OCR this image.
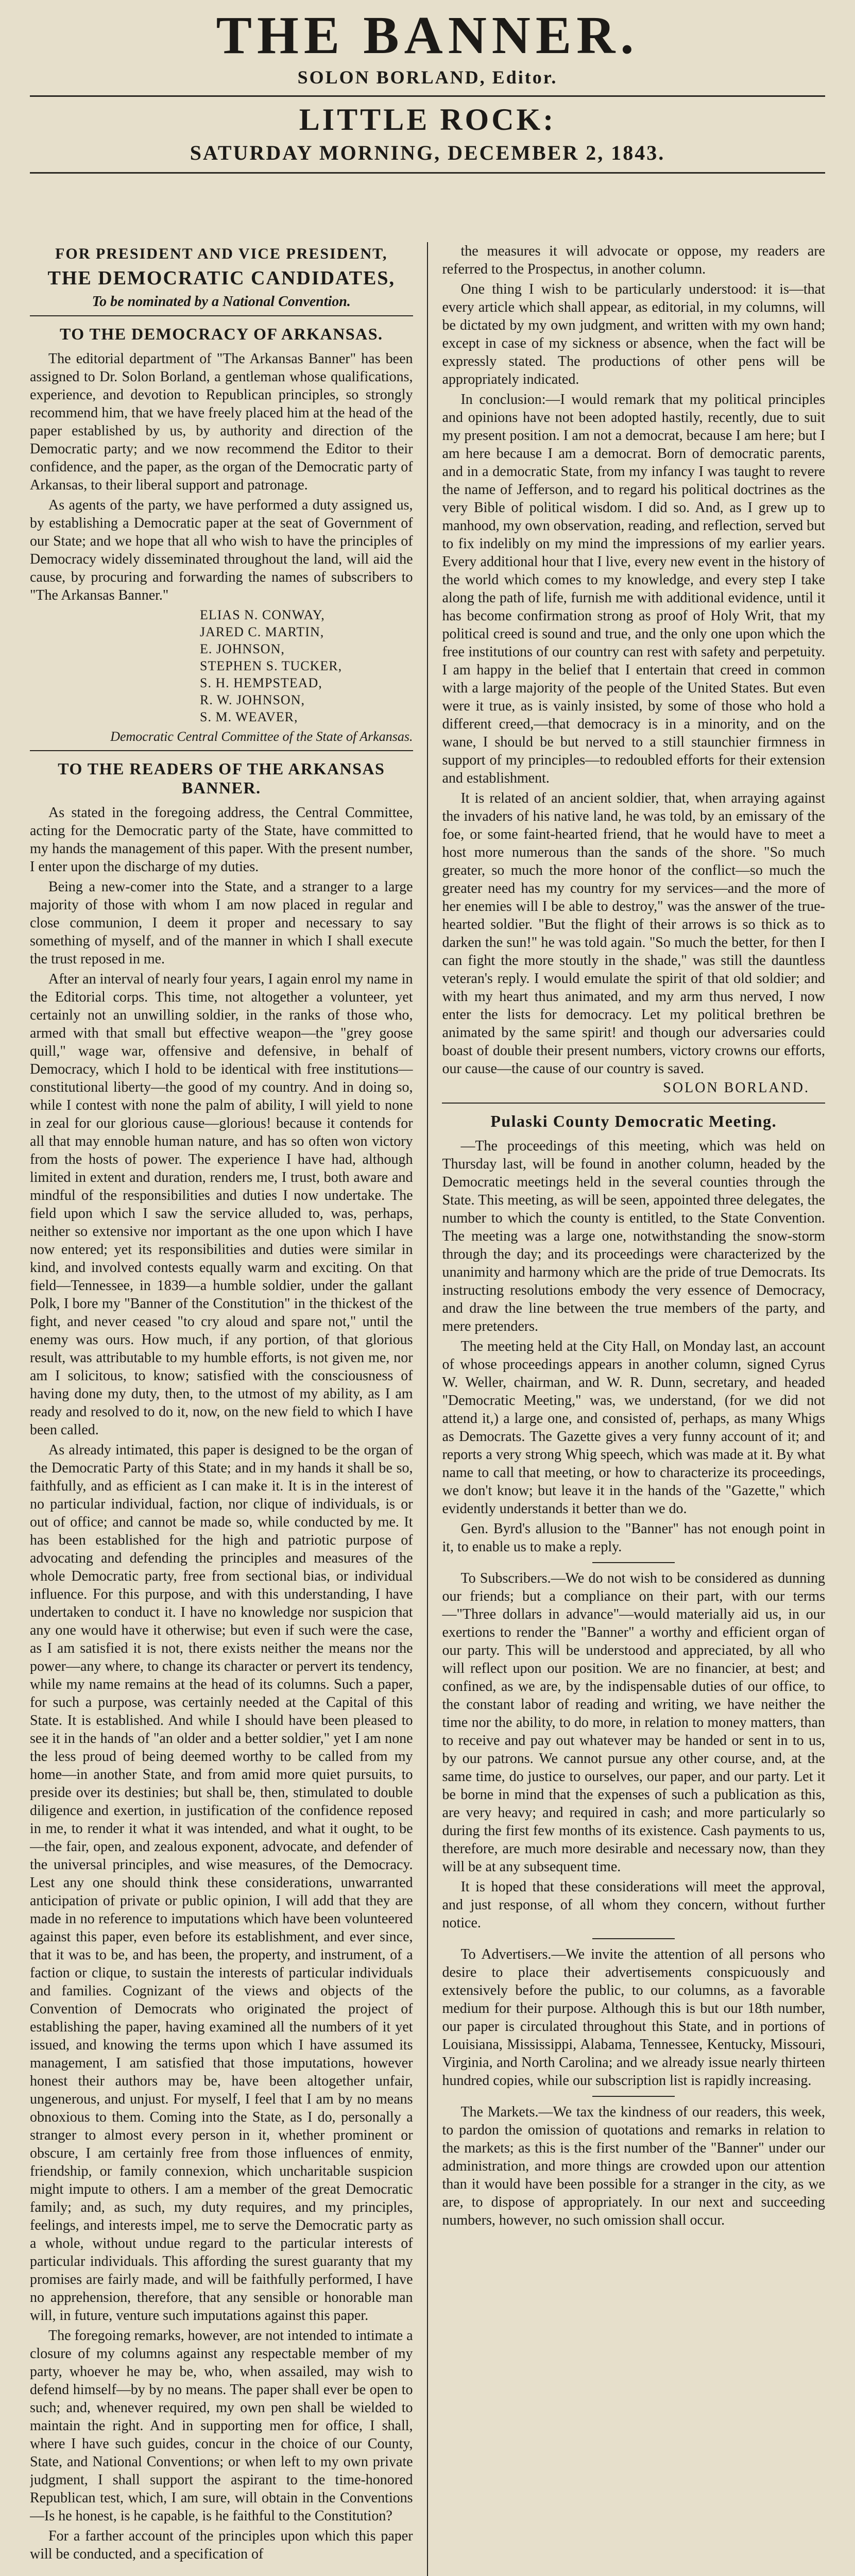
THE BANNER.
SOLON BORLAND, Editor.
LITTLE ROCK:
SATURDAY MORNING, DECEMBER 2, 1843.
FOR PRESIDENT AND VICE PRESIDENT,
THE DEMOCRATIC CANDIDATES,
To be nominated by a National Convention.
TO THE DEMOCRACY OF ARKANSAS.

The editorial department of "The Arkansas Banner" has been assigned to Dr. Solon Borland, a gentleman whose qualifications, experience, and devotion to Republican principles, so strongly recommend him, that we have freely placed him at the head of the paper established by us, by authority and direction of the Democratic party; and we now recommend the Editor to their confidence, and the paper, as the organ of the Democratic party of Arkansas, to their liberal support and patronage.

As agents of the party, we have performed a duty assigned us, by establishing a Democratic paper at the seat of Government of our State; and we hope that all who wish to have the principles of Democracy widely disseminated throughout the land, will aid the cause, by procuring and forwarding the names of subscribers to "The Arkansas Banner."

ELIAS N. CONWAY,
JARED C. MARTIN,
E. JOHNSON,
STEPHEN S. TUCKER,
S. H. HEMPSTEAD,
R. W. JOHNSON,
S. M. WEAVER,
Democratic Central Committee of the State of Arkansas.
TO THE READERS OF THE ARKANSAS BANNER.

As stated in the foregoing address, the Central Committee, acting for the Democratic party of the State, have committed to my hands the management of this paper. With the present number, I enter upon the discharge of my duties.

Being a new-comer into the State, and a stranger to a large majority of those with whom I am now placed in regular and close communion, I deem it proper and necessary to say something of myself, and of the manner in which I shall execute the trust reposed in me.

After an interval of nearly four years, I again enrol my name in the Editorial corps. This time, not altogether a volunteer, yet certainly not an unwilling soldier, in the ranks of those who, armed with that small but effective weapon—the "grey goose quill," wage war, offensive and defensive, in behalf of Democracy, which I hold to be identical with free institutions—constitutional liberty—the good of my country. And in doing so, while I contest with none the palm of ability, I will yield to none in zeal for our glorious cause—glorious! because it contends for all that may ennoble human nature, and has so often won victory from the hosts of power. The experience I have had, although limited in extent and duration, renders me, I trust, both aware and mindful of the responsibilities and duties I now undertake. The field upon which I saw the service alluded to, was, perhaps, neither so extensive nor important as the one upon which I have now entered; yet its responsibilities and duties were similar in kind, and involved contests equally warm and exciting. On that field—Tennessee, in 1839—a humble soldier, under the gallant Polk, I bore my "Banner of the Constitution" in the thickest of the fight, and never ceased "to cry aloud and spare not," until the enemy was ours. How much, if any portion, of that glorious result, was attributable to my humble efforts, is not given me, nor am I solicitous, to know; satisfied with the consciousness of having done my duty, then, to the utmost of my ability, as I am ready and resolved to do it, now, on the new field to which I have been called.

As already intimated, this paper is designed to be the organ of the Democratic Party of this State; and in my hands it shall be so, faithfully, and as efficient as I can make it. It is in the interest of no particular individual, faction, nor clique of individuals, is or out of office; and cannot be made so, while conducted by me. It has been established for the high and patriotic purpose of advocating and defending the principles and measures of the whole Democratic party, free from sectional bias, or individual influence. For this purpose, and with this understanding, I have undertaken to conduct it. I have no knowledge nor suspicion that any one would have it otherwise; but even if such were the case, as I am satisfied it is not, there exists neither the means nor the power—any where, to change its character or pervert its tendency, while my name remains at the head of its columns. Such a paper, for such a purpose, was certainly needed at the Capital of this State. It is established. And while I should have been pleased to see it in the hands of "an older and a better soldier," yet I am none the less proud of being deemed worthy to be called from my home—in another State, and from amid more quiet pursuits, to preside over its destinies; but shall be, then, stimulated to double diligence and exertion, in justification of the confidence reposed in me, to render it what it was intended, and what it ought, to be—the fair, open, and zealous exponent, advocate, and defender of the universal principles, and wise measures, of the Democracy. Lest any one should think these considerations, unwarranted anticipation of private or public opinion, I will add that they are made in no reference to imputations which have been volunteered against this paper, even before its establishment, and ever since, that it was to be, and has been, the property, and instrument, of a faction or clique, to sustain the interests of particular individuals and families. Cognizant of the views and objects of the Convention of Democrats who originated the project of establishing the paper, having examined all the numbers of it yet issued, and knowing the terms upon which I have assumed its management, I am satisfied that those imputations, however honest their authors may be, have been altogether unfair, ungenerous, and unjust. For myself, I feel that I am by no means obnoxious to them. Coming into the State, as I do, personally a stranger to almost every person in it, whether prominent or obscure, I am certainly free from those influences of enmity, friendship, or family connexion, which uncharitable suspicion might impute to others. I am a member of the great Democratic family; and, as such, my duty requires, and my principles, feelings, and interests impel, me to serve the Democratic party as a whole, without undue regard to the particular interests of particular individuals. This affording the surest guaranty that my promises are fairly made, and will be faithfully performed, I have no apprehension, therefore, that any sensible or honorable man will, in future, venture such imputations against this paper.

The foregoing remarks, however, are not intended to intimate a closure of my columns against any respectable member of my party, whoever he may be, who, when assailed, may wish to defend himself—by by no means. The paper shall ever be open to such; and, whenever required, my own pen shall be wielded to maintain the right. And in supporting men for office, I shall, where I have such guides, concur in the choice of our County, State, and National Conventions; or when left to my own private judgment, I shall support the aspirant to the time-honored Republican test, which, I am sure, will obtain in the Conventions—Is he honest, is he capable, is he faithful to the Constitution?

For a farther account of the principles upon which this paper will be conducted, and a specification of

the measures it will advocate or oppose, my readers are referred to the Prospectus, in another column.

One thing I wish to be particularly understood: it is—that every article which shall appear, as editorial, in my columns, will be dictated by my own judgment, and written with my own hand; except in case of my sickness or absence, when the fact will be expressly stated. The productions of other pens will be appropriately indicated.

In conclusion:—I would remark that my political principles and opinions have not been adopted hastily, recently, due to suit my present position. I am not a democrat, because I am here; but I am here because I am a democrat. Born of democratic parents, and in a democratic State, from my infancy I was taught to revere the name of Jefferson, and to regard his political doctrines as the very Bible of political wisdom. I did so. And, as I grew up to manhood, my own observation, reading, and reflection, served but to fix indelibly on my mind the impressions of my earlier years. Every additional hour that I live, every new event in the history of the world which comes to my knowledge, and every step I take along the path of life, furnish me with additional evidence, until it has become confirmation strong as proof of Holy Writ, that my political creed is sound and true, and the only one upon which the free institutions of our country can rest with safety and perpetuity. I am happy in the belief that I entertain that creed in common with a large majority of the people of the United States. But even were it true, as is vainly insisted, by some of those who hold a different creed,—that democracy is in a minority, and on the wane, I should be but nerved to a still staunchier firmness in support of my principles—to redoubled efforts for their extension and establishment.

It is related of an ancient soldier, that, when arraying against the invaders of his native land, he was told, by an emissary of the foe, or some faint-hearted friend, that he would have to meet a host more numerous than the sands of the shore. "So much greater, so much the more honor of the conflict—so much the greater need has my country for my services—and the more of her enemies will I be able to destroy," was the answer of the true-hearted soldier. "But the flight of their arrows is so thick as to darken the sun!" he was told again. "So much the better, for then I can fight the more stoutly in the shade," was still the dauntless veteran's reply. I would emulate the spirit of that old soldier; and with my heart thus animated, and my arm thus nerved, I now enter the lists for democracy. Let my political brethren be animated by the same spirit! and though our adversaries could boast of double their present numbers, victory crowns our efforts, our cause—the cause of our country is saved.

SOLON BORLAND.
Pulaski County Democratic Meeting.

—The proceedings of this meeting, which was held on Thursday last, will be found in another column, headed by the Democratic meetings held in the several counties through the State. This meeting, as will be seen, appointed three delegates, the number to which the county is entitled, to the State Convention. The meeting was a large one, notwithstanding the snow-storm through the day; and its proceedings were characterized by the unanimity and harmony which are the pride of true Democrats. Its instructing resolutions embody the very essence of Democracy, and draw the line between the true members of the party, and mere pretenders.

The meeting held at the City Hall, on Monday last, an account of whose proceedings appears in another column, signed Cyrus W. Weller, chairman, and W. R. Dunn, secretary, and headed "Democratic Meeting," was, we understand, (for we did not attend it,) a large one, and consisted of, perhaps, as many Whigs as Democrats. The Gazette gives a very funny account of it; and reports a very strong Whig speech, which was made at it. By what name to call that meeting, or how to characterize its proceedings, we don't know; but leave it in the hands of the "Gazette," which evidently understands it better than we do.

Gen. Byrd's allusion to the "Banner" has not enough point in it, to enable us to make a reply.

To Subscribers.—We do not wish to be considered as dunning our friends; but a compliance on their part, with our terms—"Three dollars in advance"—would materially aid us, in our exertions to render the "Banner" a worthy and efficient organ of our party. This will be understood and appreciated, by all who will reflect upon our position. We are no financier, at best; and confined, as we are, by the indispensable duties of our office, to the constant labor of reading and writing, we have neither the time nor the ability, to do more, in relation to money matters, than to receive and pay out whatever may be handed or sent in to us, by our patrons. We cannot pursue any other course, and, at the same time, do justice to ourselves, our paper, and our party. Let it be borne in mind that the expenses of such a publication as this, are very heavy; and required in cash; and more particularly so during the first few months of its existence. Cash payments to us, therefore, are much more desirable and necessary now, than they will be at any subsequent time.

It is hoped that these considerations will meet the approval, and just response, of all whom they concern, without further notice.

To Advertisers.—We invite the attention of all persons who desire to place their advertisements conspicuously and extensively before the public, to our columns, as a favorable medium for their purpose. Although this is but our 18th number, our paper is circulated throughout this State, and in portions of Louisiana, Mississippi, Alabama, Tennessee, Kentucky, Missouri, Virginia, and North Carolina; and we already issue nearly thirteen hundred copies, while our subscription list is rapidly increasing.

The Markets.—We tax the kindness of our readers, this week, to pardon the omission of quotations and remarks in relation to the markets; as this is the first number of the "Banner" under our administration, and more things are crowded upon our attention than it would have been possible for a stranger in the city, as we are, to dispose of appropriately. In our next and succeeding numbers, however, no such omission shall occur.
